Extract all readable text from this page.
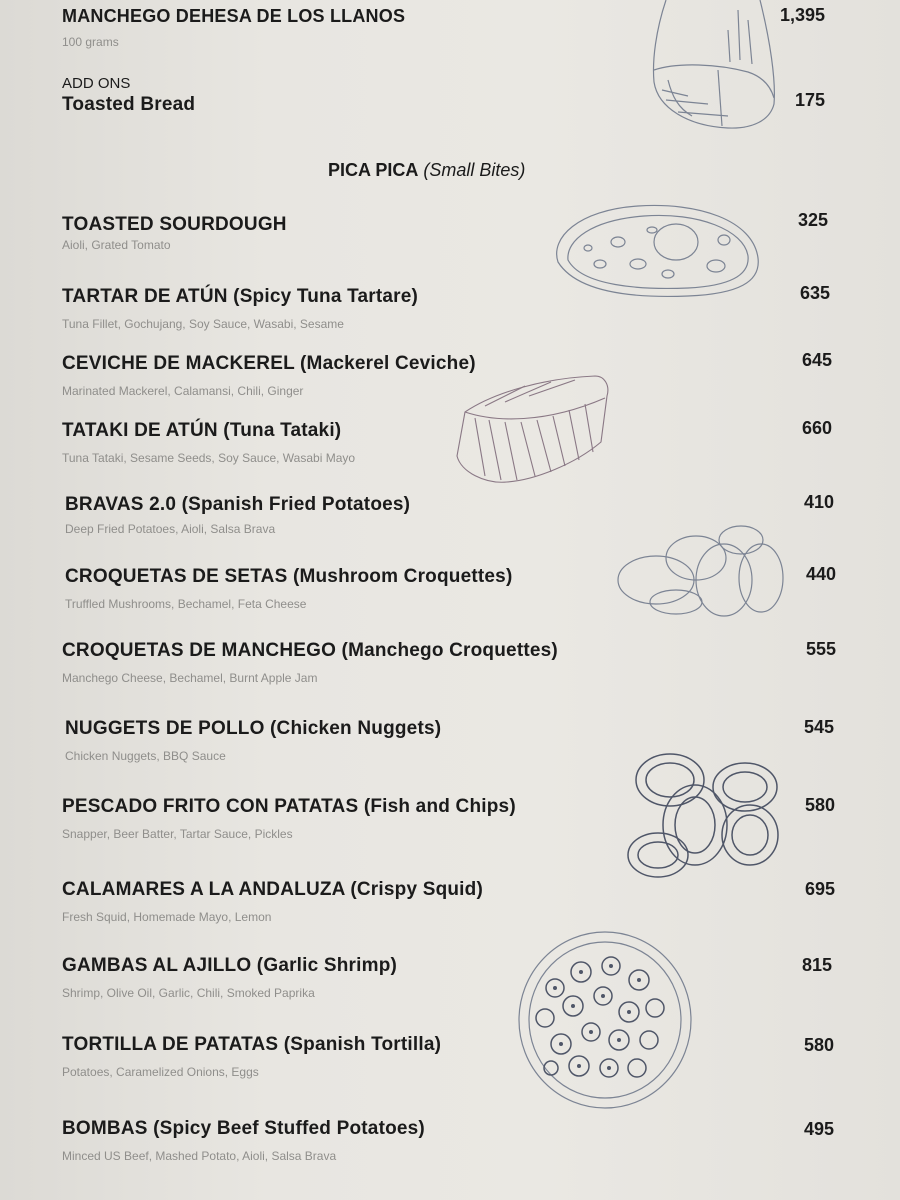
MANCHEGO DEHESA DE LOS LLANOS
100 grams
1,395
ADD ONS
Toasted Bread	175
PICA PICA (Small Bites)
TOASTED SOURDOUGH
Aioli, Grated Tomato
325
TARTAR DE ATÚN (Spicy Tuna Tartare)
Tuna Fillet, Gochujang, Soy Sauce, Wasabi, Sesame
635
CEVICHE DE MACKEREL (Mackerel Ceviche)
Marinated Mackerel, Calamansi, Chili, Ginger
645
TATAKI DE ATÚN (Tuna Tataki)
Tuna Tataki, Sesame Seeds, Soy Sauce, Wasabi Mayo
660
BRAVAS 2.0 (Spanish Fried Potatoes)
Deep Fried Potatoes, Aioli, Salsa Brava
410
CROQUETAS DE SETAS (Mushroom Croquettes)
Truffled Mushrooms, Bechamel, Feta Cheese
440
CROQUETAS DE MANCHEGO (Manchego Croquettes)
Manchego Cheese, Bechamel, Burnt Apple Jam
555
NUGGETS DE POLLO (Chicken Nuggets)
Chicken Nuggets, BBQ Sauce
545
PESCADO FRITO CON PATATAS (Fish and Chips)
Snapper, Beer Batter, Tartar Sauce, Pickles
580
CALAMARES A LA ANDALUZA (Crispy Squid)
Fresh Squid, Homemade Mayo, Lemon
695
GAMBAS AL AJILLO (Garlic Shrimp)
Shrimp, Olive Oil, Garlic, Chili, Smoked Paprika
815
TORTILLA DE PATATAS (Spanish Tortilla)
Potatoes, Caramelized Onions, Eggs
580
BOMBAS (Spicy Beef Stuffed Potatoes)
Minced US Beef, Mashed Potato, Aioli, Salsa Brava
495
